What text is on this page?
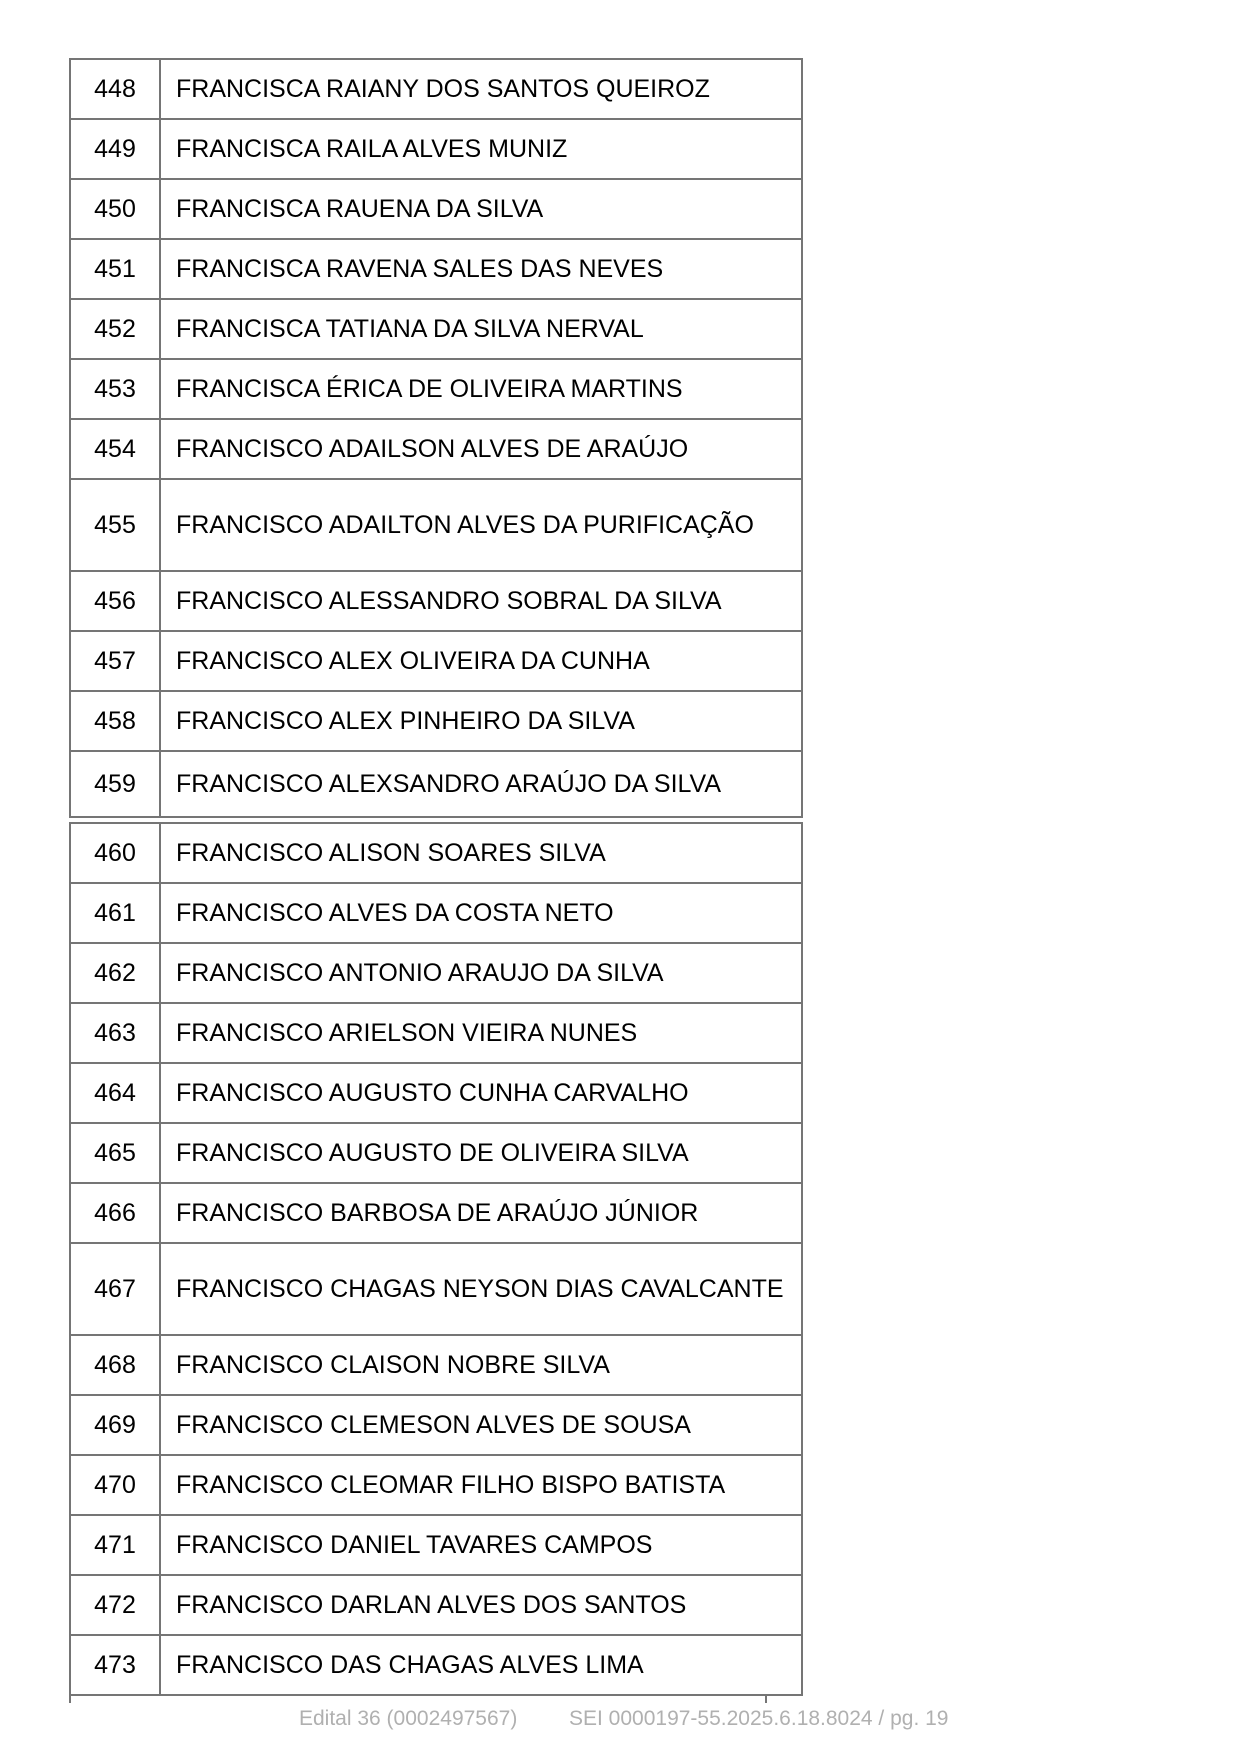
448	FRANCISCA RAIANY DOS SANTOS QUEIROZ
449	FRANCISCA RAILA ALVES MUNIZ
450	FRANCISCA RAUENA DA SILVA
451	FRANCISCA RAVENA SALES DAS NEVES
452	FRANCISCA TATIANA DA SILVA NERVAL
453	FRANCISCA ÉRICA DE OLIVEIRA MARTINS
454	FRANCISCO ADAILSON ALVES DE ARAÚJO
455	FRANCISCO ADAILTON ALVES DA PURIFICAÇÃO
456	FRANCISCO ALESSANDRO SOBRAL DA SILVA
457	FRANCISCO ALEX OLIVEIRA DA CUNHA
458	FRANCISCO ALEX PINHEIRO DA SILVA
459	FRANCISCO ALEXSANDRO ARAÚJO DA SILVA
460	FRANCISCO ALISON SOARES SILVA
461	FRANCISCO ALVES DA COSTA NETO
462	FRANCISCO ANTONIO ARAUJO DA SILVA
463	FRANCISCO ARIELSON VIEIRA NUNES
464	FRANCISCO AUGUSTO CUNHA CARVALHO
465	FRANCISCO AUGUSTO DE OLIVEIRA SILVA
466	FRANCISCO BARBOSA DE ARAÚJO JÚNIOR
467	FRANCISCO CHAGAS NEYSON DIAS CAVALCANTE
468	FRANCISCO CLAISON NOBRE SILVA
469	FRANCISCO CLEMESON ALVES DE SOUSA
470	FRANCISCO CLEOMAR FILHO BISPO BATISTA
471	FRANCISCO DANIEL TAVARES CAMPOS
472	FRANCISCO DARLAN ALVES DOS SANTOS
473	FRANCISCO DAS CHAGAS ALVES LIMA
Edital 36 (0002497567) SEI 0000197-55.2025.6.18.8024 / pg. 19
